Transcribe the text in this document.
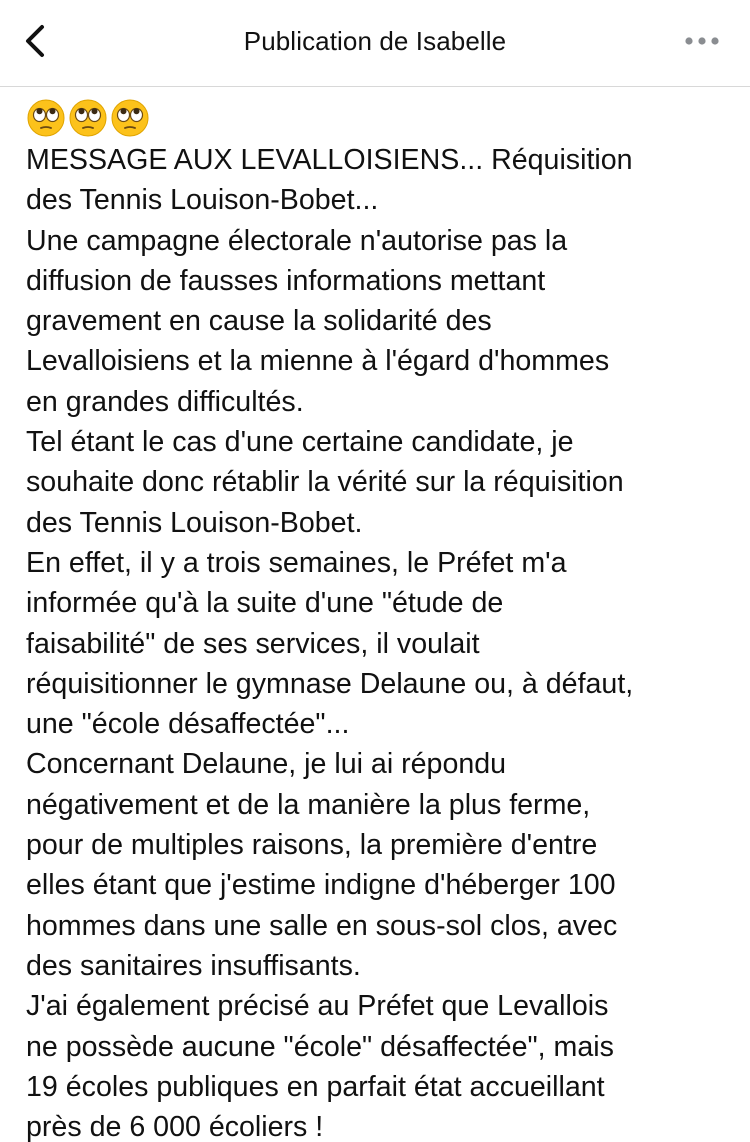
Publication de Isabelle

MESSAGE AUX LEVALLOISIENS... Réquisition
des Tennis Louison-Bobet...
Une campagne électorale n'autorise pas la
diffusion de fausses informations mettant
gravement en cause la solidarité des
Levalloisiens et la mienne à l'égard d'hommes
en grandes difficultés.
Tel étant le cas d'une certaine candidate, je
souhaite donc rétablir la vérité sur la réquisition
des Tennis Louison-Bobet.
En effet, il y a trois semaines, le Préfet m'a
informée qu'à la suite d'une "étude de
faisabilité" de ses services, il voulait
réquisitionner le gymnase Delaune ou, à défaut,
une "école désaffectée"...
Concernant Delaune, je lui ai répondu
négativement et de la manière la plus ferme,
pour de multiples raisons, la première d'entre
elles étant que j'estime indigne d'héberger 100
hommes dans une salle en sous-sol clos, avec
des sanitaires insuffisants.
J'ai également précisé au Préfet que Levallois
ne possède aucune "école" désaffectée", mais
19 écoles publiques en parfait état accueillant
près de 6 000 écoliers !
